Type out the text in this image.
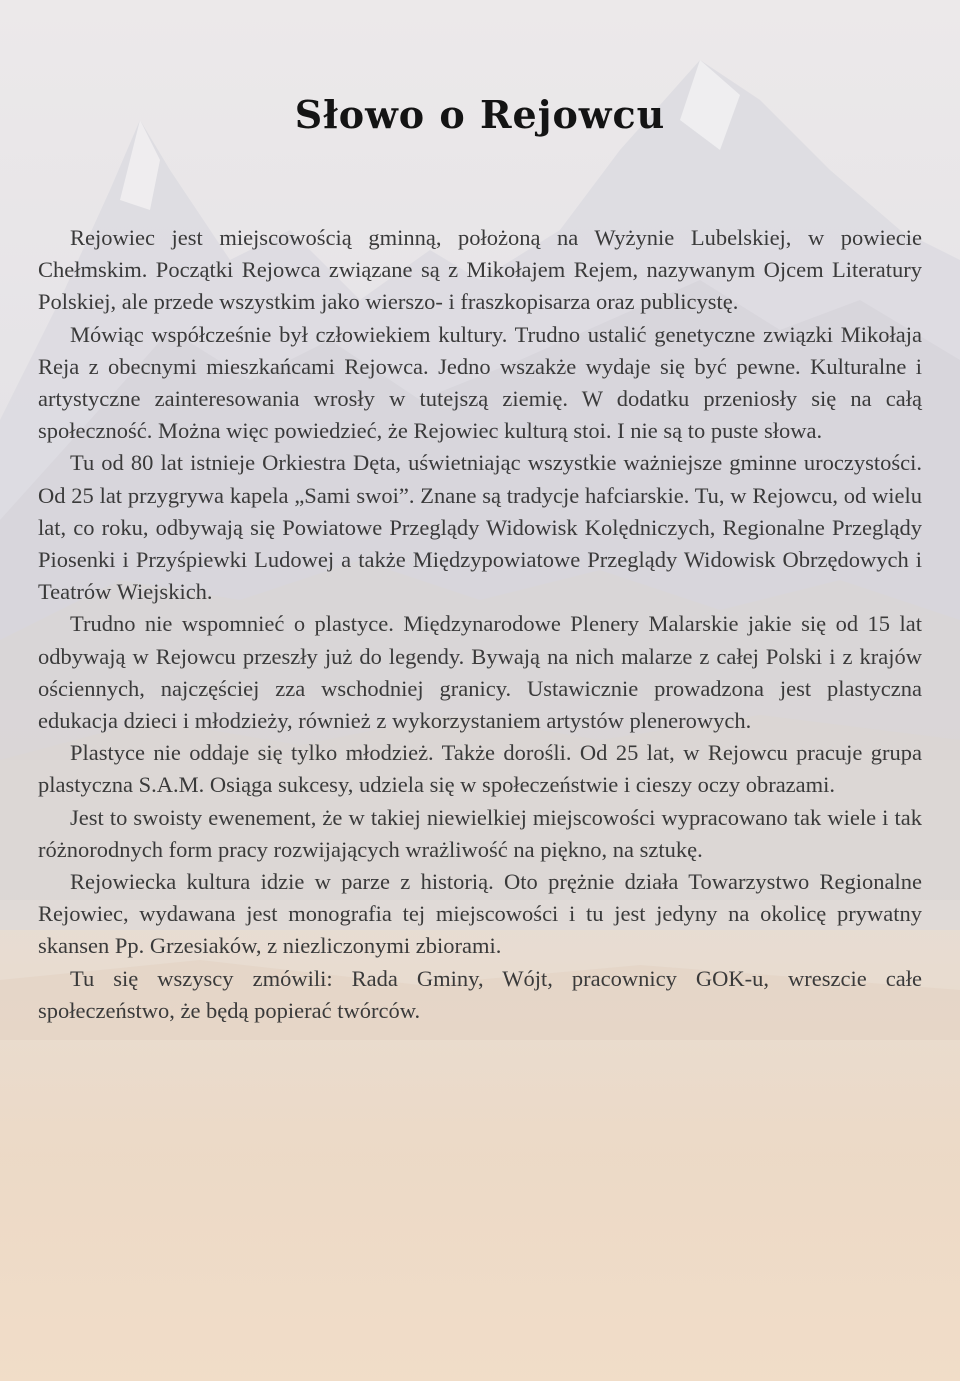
Słowo o Rejowcu

Rejowiec jest miejscowością gminną, położoną na Wyżynie Lubelskiej, w powiecie Chełmskim. Początki Rejowca związane są z Mikołajem Rejem, nazywanym Ojcem Literatury Polskiej, ale przede wszystkim jako wierszo- i fraszkopisarza oraz publicystę.

Mówiąc współcześnie był człowiekiem kultury. Trudno ustalić genetyczne związki Mikołaja Reja z obecnymi mieszkańcami Rejowca. Jedno wszakże wydaje się być pewne. Kulturalne i artystyczne zainteresowania wrosły w tutejszą ziemię. W dodatku przeniosły się na całą społeczność. Można więc powiedzieć, że Rejowiec kulturą stoi. I nie są to puste słowa.

Tu od 80 lat istnieje Orkiestra Dęta, uświetniając wszystkie ważniejsze gminne uroczystości. Od 25 lat przygrywa kapela „Sami swoi”. Znane są tradycje hafciarskie. Tu, w Rejowcu, od wielu lat, co roku, odbywają się Powiatowe Przeglądy Widowisk Kolędniczych, Regionalne Przeglądy Piosenki i Przyśpiewki Ludowej a także Międzypowiatowe Przeglądy Widowisk Obrzędowych i Teatrów Wiejskich.

Trudno nie wspomnieć o plastyce. Międzynarodowe Plenery Malarskie jakie się od 15 lat odbywają w Rejowcu przeszły już do legendy. Bywają na nich malarze z całej Polski i z krajów ościennych, najczęściej zza wschodniej granicy. Ustawicznie prowadzona jest plastyczna edukacja dzieci i młodzieży, również z wykorzystaniem artystów plenerowych.

Plastyce nie oddaje się tylko młodzież. Także dorośli. Od 25 lat, w Rejowcu pracuje grupa plastyczna S.A.M. Osiąga sukcesy, udziela się w społeczeństwie i cieszy oczy obrazami.

Jest to swoisty ewenement, że w takiej niewielkiej miejscowości wypracowano tak wiele i tak różnorodnych form pracy rozwijających wrażliwość na piękno, na sztukę.

Rejowiecka kultura idzie w parze z historią. Oto prężnie działa Towarzystwo Regionalne Rejowiec, wydawana jest monografia tej miejscowości i tu jest jedyny na okolicę prywatny skansen Pp. Grzesiaków, z niezliczonymi zbiorami.

Tu się wszyscy zmówili: Rada Gminy, Wójt, pracownicy GOK-u, wreszcie całe społeczeństwo, że będą popierać twórców.
